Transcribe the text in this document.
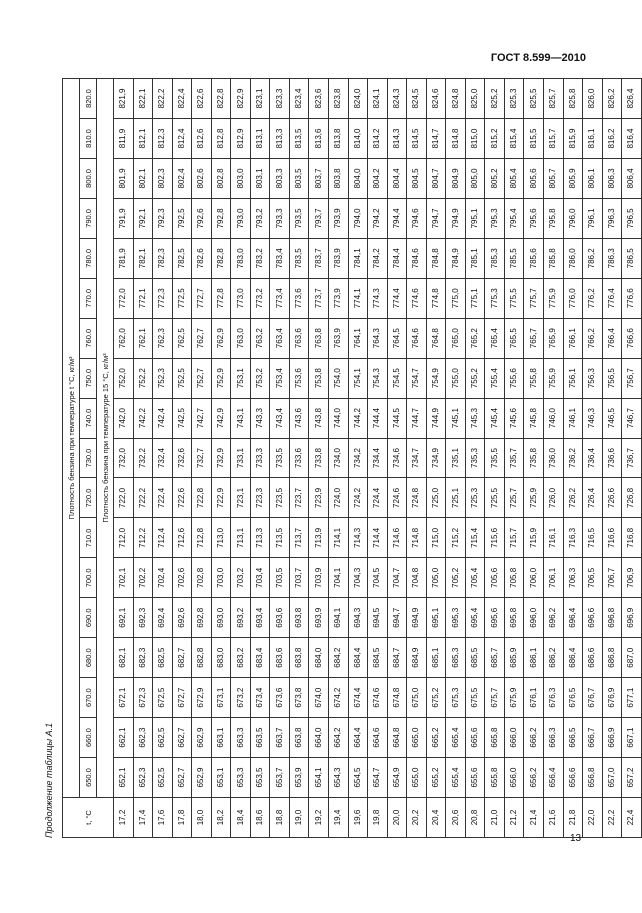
ГОСТ 8.599—2010
Продолжение таблицы А.1	t, °C	Плотность бензина при температуре t °C, кг/м³																	
	650.0	660.0	670.0	680.0	690.0	700.0	710.0	720.0	730.0	740.0	750.0	760.0	770.0	780.0	790.0	800.0	810.0	820.0
	Плотность бензина при температуре 15 °C, кг/м³																	
17,2	652,1	662,1	672,1	682,1	692,1	702,1	712,0	722,0	732,0	742,0	752,0	762,0	772,0	781,9	791,9	801,9	811,9	821,9
17,4	652,3	662,3	672,3	682,3	692,3	702,2	712,2	722,2	732,2	742,2	752,2	762,1	772,1	782,1	792,1	802,1	812,1	822,1
17,6	652,5	662,5	672,5	682,5	692,4	702,4	712,4	722,4	732,4	742,4	752,3	762,3	772,3	782,3	792,3	802,3	812,3	822,2
17,8	652,7	662,7	672,7	682,7	692,6	702,6	712,6	722,6	732,6	742,5	752,5	762,5	772,5	782,5	792,5	802,4	812,4	822,4
18,0	652,9	662,9	672,9	682,8	692,8	702,8	712,8	722,8	732,7	742,7	752,7	762,7	772,7	782,6	792,6	802,6	812,6	822,6
18,2	653,1	663,1	673,1	683,0	693,0	703,0	713,0	722,9	732,9	742,9	752,9	762,9	772,8	782,8	792,8	802,8	812,8	822,8
18,4	653,3	663,3	673,2	683,2	693,2	703,2	713,1	723,1	733,1	743,1	753,1	763,0	773,0	783,0	793,0	803,0	812,9	822,9
18,6	653,5	663,5	673,4	683,4	693,4	703,4	713,3	723,3	733,3	743,3	753,2	763,2	773,2	783,2	793,2	803,1	813,1	823,1
18,8	653,7	663,7	673,6	683,6	693,6	703,5	713,5	723,5	733,5	743,4	753,4	763,4	773,4	783,4	793,3	803,3	813,3	823,3
19,0	653,9	663,8	673,8	683,8	693,8	703,7	713,7	723,7	733,6	743,6	753,6	763,6	773,6	783,5	793,5	803,5	813,5	823,4
19,2	654,1	664,0	674,0	684,0	693,9	703,9	713,9	723,9	733,8	743,8	753,8	763,8	773,7	783,7	793,7	803,7	813,6	823,6
19,4	654,3	664,2	674,2	684,2	694,1	704,1	714,1	724,0	734,0	744,0	754,0	763,9	773,9	783,9	793,9	803,8	813,8	823,8
19,6	654,5	664,4	674,4	684,4	694,3	704,3	714,3	724,2	734,2	744,2	754,1	764,1	774,1	784,1	794,0	804,0	814,0	824,0
19,8	654,7	664,6	674,6	684,5	694,5	704,5	714,4	724,4	734,4	744,4	754,3	764,3	774,3	784,2	794,2	804,2	814,2	824,1
20,0	654,9	664,8	674,8	684,7	694,7	704,7	714,6	724,6	734,6	744,5	754,5	764,5	774,4	784,4	794,4	804,4	814,3	824,3
20,2	655,0	665,0	675,0	684,9	694,9	704,8	714,8	724,8	734,7	744,7	754,7	764,6	774,6	784,6	794,6	804,5	814,5	824,5
20,4	655,2	665,2	675,2	685,1	695,1	705,0	715,0	725,0	734,9	744,9	754,9	764,8	774,8	784,8	794,7	804,7	814,7	824,6
20,6	655,4	665,4	675,3	685,3	695,3	705,2	715,2	725,1	735,1	745,1	755,0	765,0	775,0	784,9	794,9	804,9	814,8	824,8
20,8	655,6	665,6	675,5	685,5	695,4	705,4	715,4	725,3	735,3	745,3	755,2	765,2	775,1	785,1	795,1	805,0	815,0	825,0
21,0	655,8	665,8	675,7	685,7	695,6	705,6	715,6	725,5	735,5	745,4	755,4	765,4	775,3	785,3	795,3	805,2	815,2	825,2
21,2	656,0	666,0	675,9	685,9	695,8	705,8	715,7	725,7	735,7	745,6	755,6	765,5	775,5	785,5	795,4	805,4	815,4	825,3
21,4	656,2	666,2	676,1	686,1	696,0	706,0	715,9	725,9	735,8	745,8	755,8	765,7	775,7	785,6	795,6	805,6	815,5	825,5
21,6	656,4	666,3	676,3	686,2	696,2	706,1	716,1	726,0	736,0	746,0	755,9	765,9	775,9	785,8	795,8	805,7	815,7	825,7
21,8	656,6	666,5	676,5	686,4	696,4	706,3	716,3	726,2	736,2	746,1	756,1	766,1	776,0	786,0	796,0	805,9	815,9	825,8
22,0	656,8	666,7	676,7	686,6	696,6	706,5	716,5	726,4	736,4	746,3	756,3	766,2	776,2	786,2	796,1	806,1	816,1	826,0
22,2	657,0	666,9	676,9	686,8	696,8	706,7	716,6	726,6	736,6	746,5	756,5	766,4	776,4	786,3	796,3	806,3	816,2	826,2
22,4	657,2	667,1	677,1	687,0	696,9	706,9	716,8	726,8	736,7	746,7	756,7	766,6	776,6	786,5	796,5	806,4	816,4	826,4
13
